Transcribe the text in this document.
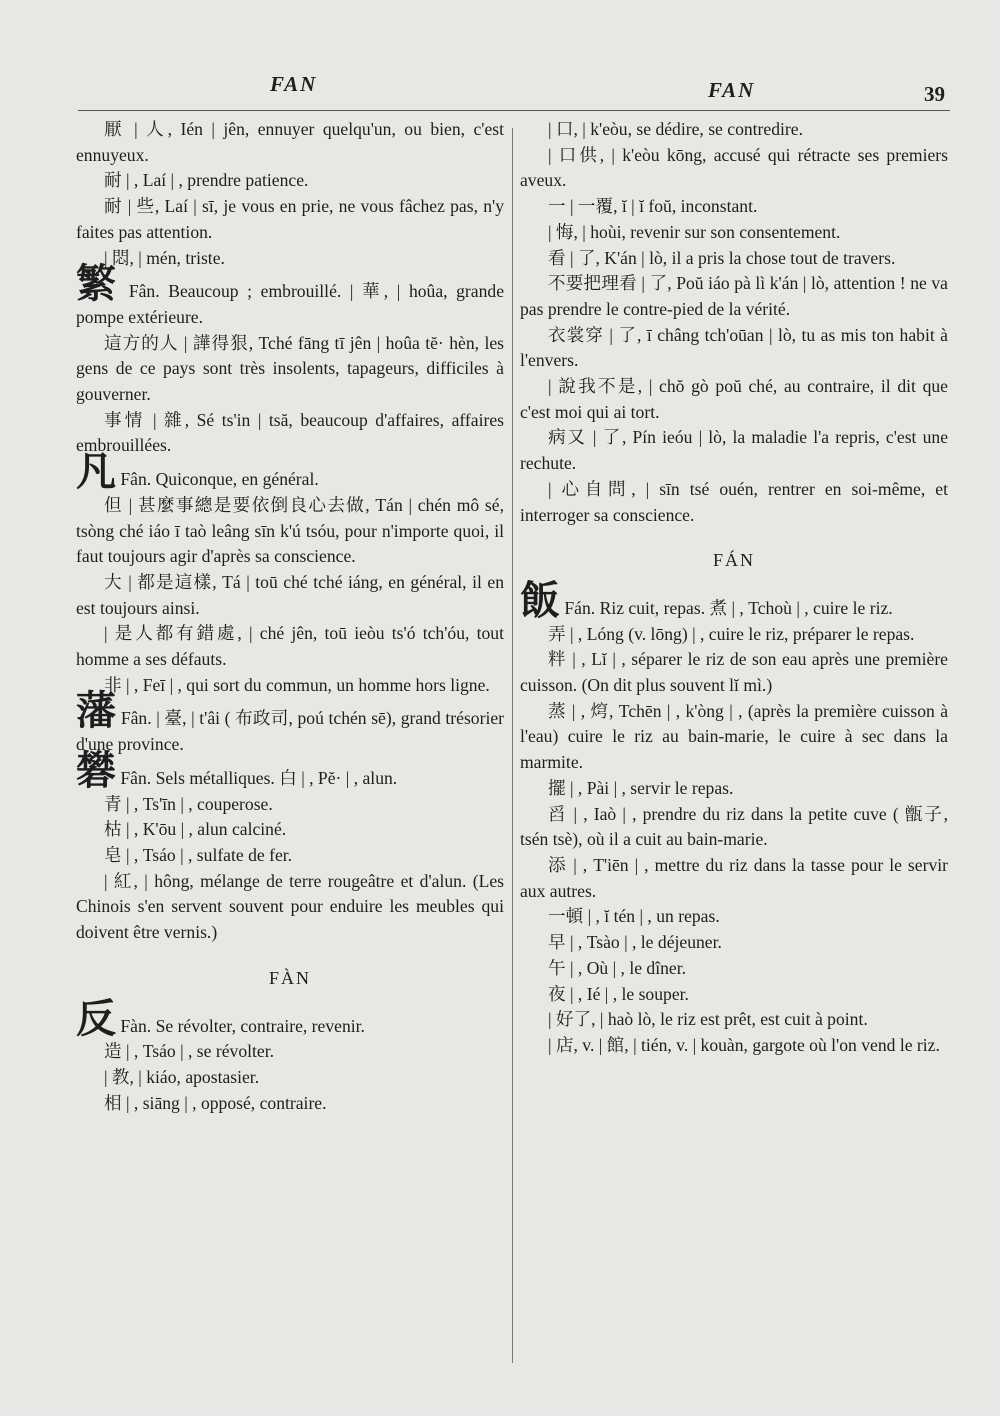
FAN	FAN	39

厭 | 人, Ién | jên, ennuyer quelqu'un, ou bien, c'est ennuyeux.

耐 | , Laí | , prendre patience.

耐 | 些, Laí | sī, je vous en prie, ne vous fâchez pas, n'y faites pas attention.

| 悶, | mén, triste.

繁 Fân. Beaucoup ; embrouillé. | 華, | hoûa, grande pompe extérieure.

這方的人 | 譁得狠, Tché fāng tī jên | hoûa tĕ· hèn, les gens de ce pays sont très insolents, tapageurs, difficiles à gouverner.

事情 | 雜, Sé ts'in | tsă, beaucoup d'affaires, affaires embrouillées.

凡 Fân. Quiconque, en général.

但 | 甚麼事總是要依倒良心去做, Tán | chén mô sé, tsòng ché iáo ī taò leâng sīn k'ú tsóu, pour n'importe quoi, il faut toujours agir d'après sa conscience.

大 | 都是這樣, Tá | toū ché tché iáng, en général, il en est toujours ainsi.

| 是人都有錯處, | ché jên, toū ieòu ts'ó tch'óu, tout homme a ses défauts.

非 | , Feī | , qui sort du commun, un homme hors ligne.

藩 Fân. | 臺, | t'âi ( 布政司, poú tchén sē), grand trésorier d'une province.

礬 Fân. Sels métalliques. 白 | , Pĕ· | , alun.

青 | , Ts'īn | , couperose.

枯 | , K'ōu | , alun calciné.

皂 | , Tsáo | , sulfate de fer.

| 紅, | hông, mélange de terre rougeâtre et d'alun. (Les Chinois s'en servent souvent pour enduire les meubles qui doivent être vernis.)

FÀN

反 Fàn. Se révolter, contraire, revenir.

造 | , Tsáo | , se révolter.

| 教, | kiáo, apostasier.

相 | , siāng | , opposé, contraire.

| 口, | k'eòu, se dédire, se contredire.

| 口供, | k'eòu kōng, accusé qui rétracte ses premiers aveux.

一 | 一覆, ĭ | ĭ foŭ, inconstant.

| 悔, | hoùi, revenir sur son consentement.

看 | 了, K'án | lò, il a pris la chose tout de travers.

不要把理看 | 了, Poŭ iáo pà lì k'án | lò, attention ! ne va pas prendre le contre-pied de la vérité.

衣裳穿 | 了, ī châng tch'oūan | lò, tu as mis ton habit à l'envers.

| 說我不是, | chŏ gò poŭ ché, au contraire, il dit que c'est moi qui ai tort.

病又 | 了, Pín ieóu | lò, la maladie l'a repris, c'est une rechute.

| 心自問, | sīn tsé ouén, rentrer en soi-même, et interroger sa conscience.

FÁN

飯 Fán. Riz cuit, repas. 煮 | , Tchoù | , cuire le riz.

弄 | , Lóng (v. lōng) | , cuire le riz, préparer le repas.

䉽 | , Lĭ | , séparer le riz de son eau après une première cuisson. (On dit plus souvent lĭ mì.)

蒸 | , 焪, Tchēn | , k'òng | , (après la première cuisson à l'eau) cuire le riz au bain-marie, le cuire à sec dans la marmite.

擺 | , Pài | , servir le repas.

舀 | , Iaò | , prendre du riz dans la petite cuve ( 甑子, tsén tsè), où il a cuit au bain-marie.

添 | , T'iēn | , mettre du riz dans la tasse pour le servir aux autres.

一頓 | , ĭ tén | , un repas.

早 | , Tsào | , le déjeuner.

午 | , Où | , le dîner.

夜 | , Ié | , le souper.

| 好了, | haò lò, le riz est prêt, est cuit à point.

| 店, v. | 館, | tién, v. | kouàn, gargote où l'on vend le riz.
